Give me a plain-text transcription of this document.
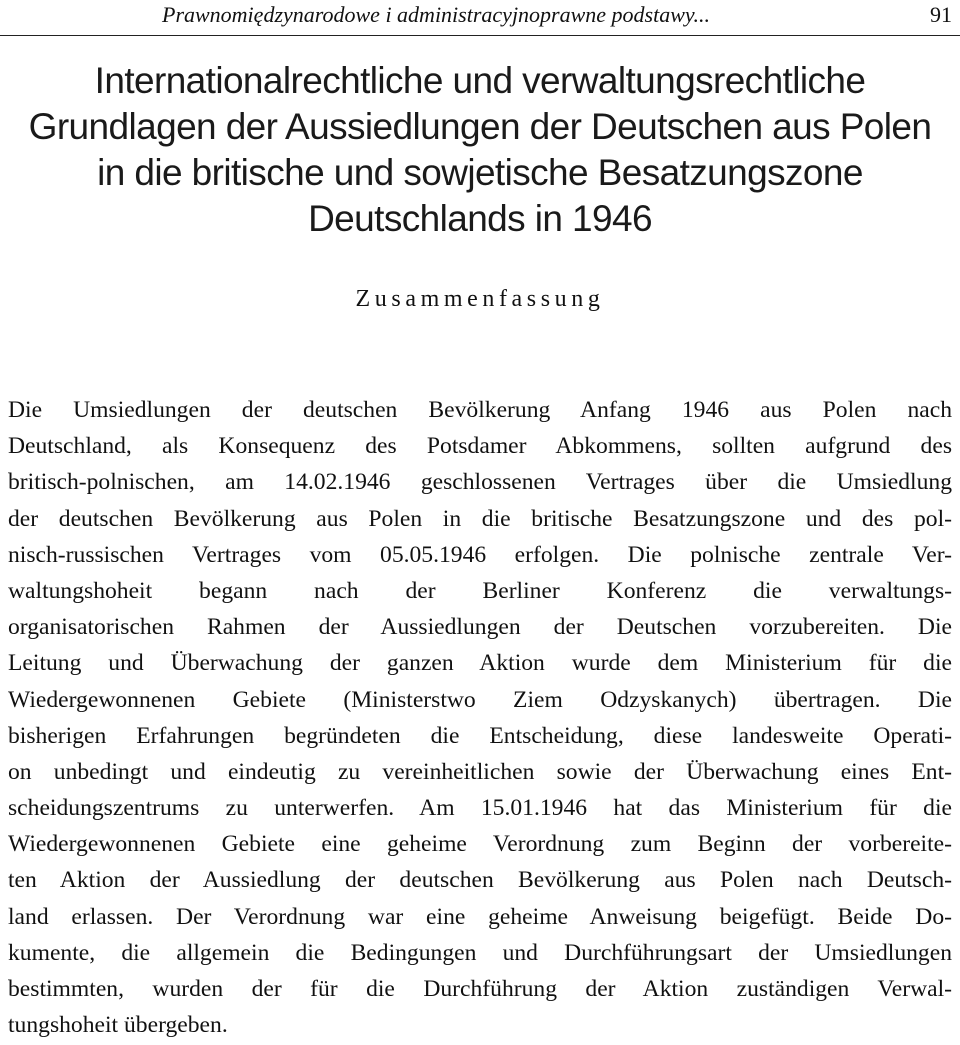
Prawnomiędzynarodowe i administracyjnoprawne podstawy...	91
Internationalrechtliche und verwaltungsrechtliche
Grundlagen der Aussiedlungen der Deutschen aus Polen
in die britische und sowjetische Besatzungszone
Deutschlands in 1946
Zusammenfassung
Die Umsiedlungen der deutschen Bevölkerung Anfang 1946 aus Polen nach
Deutschland, als Konsequenz des Potsdamer Abkommens, sollten aufgrund des
britisch-polnischen, am 14.02.1946 geschlossenen Vertrages über die Umsiedlung
der deutschen Bevölkerung aus Polen in die britische Besatzungszone und des pol-
nisch-russischen Vertrages vom 05.05.1946 erfolgen. Die polnische zentrale Ver-
waltungshoheit begann nach der Berliner Konferenz die verwaltungs-
organisatorischen Rahmen der Aussiedlungen der Deutschen vorzubereiten. Die
Leitung und Überwachung der ganzen Aktion wurde dem Ministerium für die
Wiedergewonnenen Gebiete (Ministerstwo Ziem Odzyskanych) übertragen. Die
bisherigen Erfahrungen begründeten die Entscheidung, diese landesweite Operati-
on unbedingt und eindeutig zu vereinheitlichen sowie der Überwachung eines Ent-
scheidungszentrums zu unterwerfen. Am 15.01.1946 hat das Ministerium für die
Wiedergewonnenen Gebiete eine geheime Verordnung zum Beginn der vorbereite-
ten Aktion der Aussiedlung der deutschen Bevölkerung aus Polen nach Deutsch-
land erlassen. Der Verordnung war eine geheime Anweisung beigefügt. Beide Do-
kumente, die allgemein die Bedingungen und Durchführungsart der Umsiedlungen
bestimmten, wurden der für die Durchführung der Aktion zuständigen Verwal-
tungshoheit übergeben.
